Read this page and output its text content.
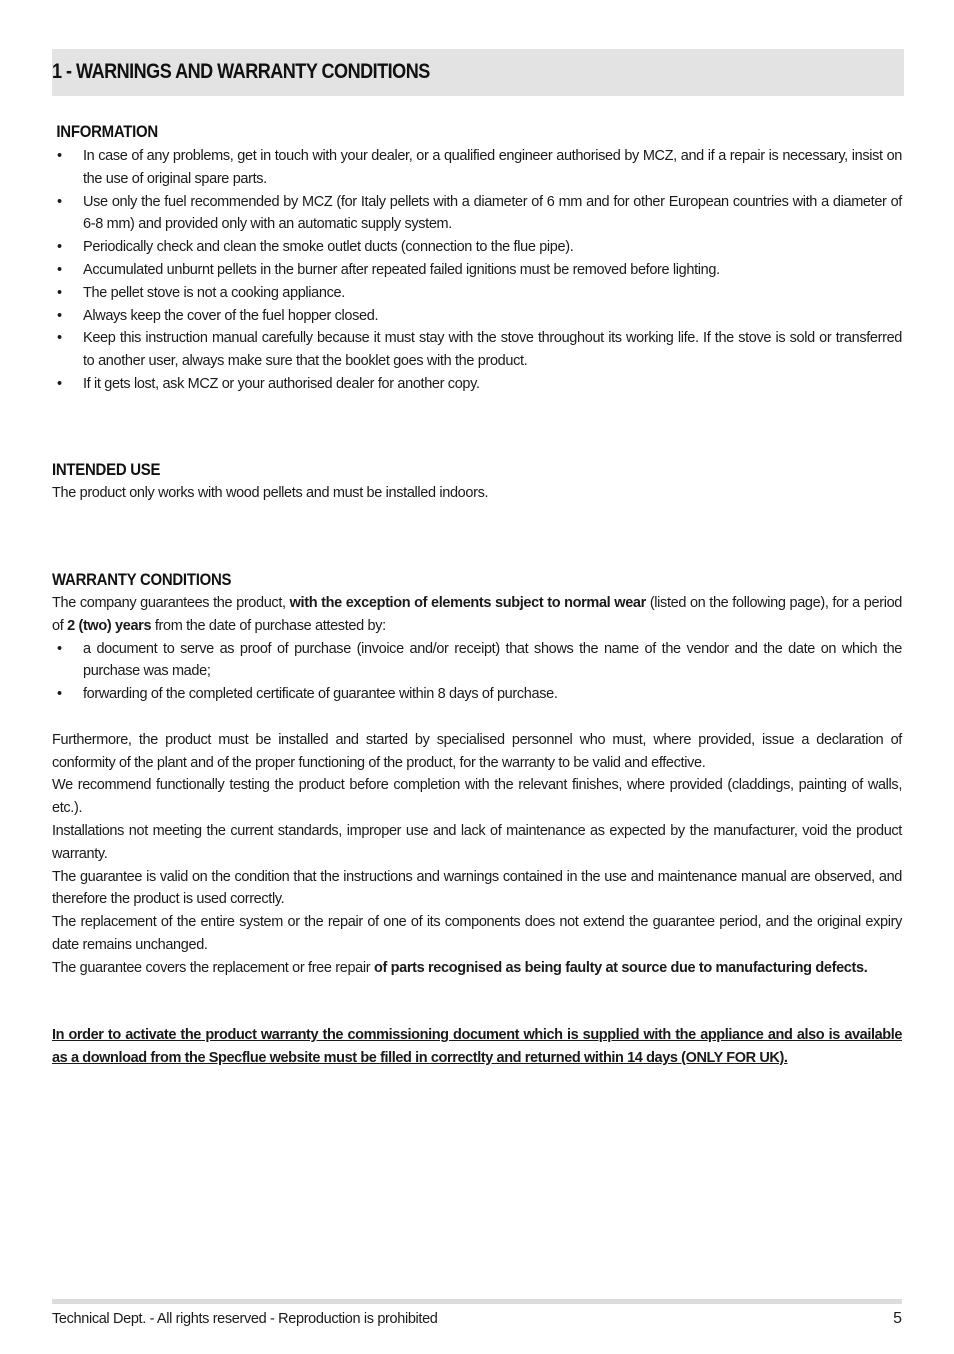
1 - WARNINGS AND WARRANTY CONDITIONS
INFORMATION
• In case of any problems, get in touch with your dealer, or a qualified engineer authorised by MCZ, and if a repair is necessary, insist on the use of original spare parts.
• Use only the fuel recommended by MCZ (for Italy pellets with a diameter of 6 mm and for other European countries with a diameter of 6-8 mm) and provided only with an automatic supply system.
• Periodically check and clean the smoke outlet ducts (connection to the flue pipe).
• Accumulated unburnt pellets in the burner after repeated failed ignitions must be removed before lighting.
• The pellet stove is not a cooking appliance.
• Always keep the cover of the fuel hopper closed.
• Keep this instruction manual carefully because it must stay with the stove throughout its working life. If the stove is sold or transferred to another user, always make sure that the booklet goes with the product.
• If it gets lost, ask MCZ or your authorised dealer for another copy.
INTENDED USE

The product only works with wood pellets and must be installed indoors.

WARRANTY CONDITIONS

The company guarantees the product, with the exception of elements subject to normal wear (listed on the following page), for a period of 2 (two) years from the date of purchase attested by:

• a document to serve as proof of purchase (invoice and/or receipt) that shows the name of the vendor and the date on which the purchase was made;
• forwarding of the completed certificate of guarantee within 8 days of purchase.

Furthermore, the product must be installed and started by specialised personnel who must, where provided, issue a declaration of conformity of the plant and of the proper functioning of the product, for the warranty to be valid and effective.

We recommend functionally testing the product before completion with the relevant finishes, where provided (claddings, painting of walls, etc.).

Installations not meeting the current standards, improper use and lack of maintenance as expected by the manufacturer, void the product warranty.

The guarantee is valid on the condition that the instructions and warnings contained in the use and maintenance manual are observed, and therefore the product is used correctly.

The replacement of the entire system or the repair of one of its components does not extend the guarantee period, and the original expiry date remains unchanged.

The guarantee covers the replacement or free repair of parts recognised as being faulty at source due to manufacturing defects.

In order to activate the product warranty the commissioning document which is supplied with the appliance and also is available as a download from the Specflue website must be filled in correctlty and returned within 14 days (ONLY FOR UK).

Technical Dept. - All rights reserved - Reproduction is prohibited	5
